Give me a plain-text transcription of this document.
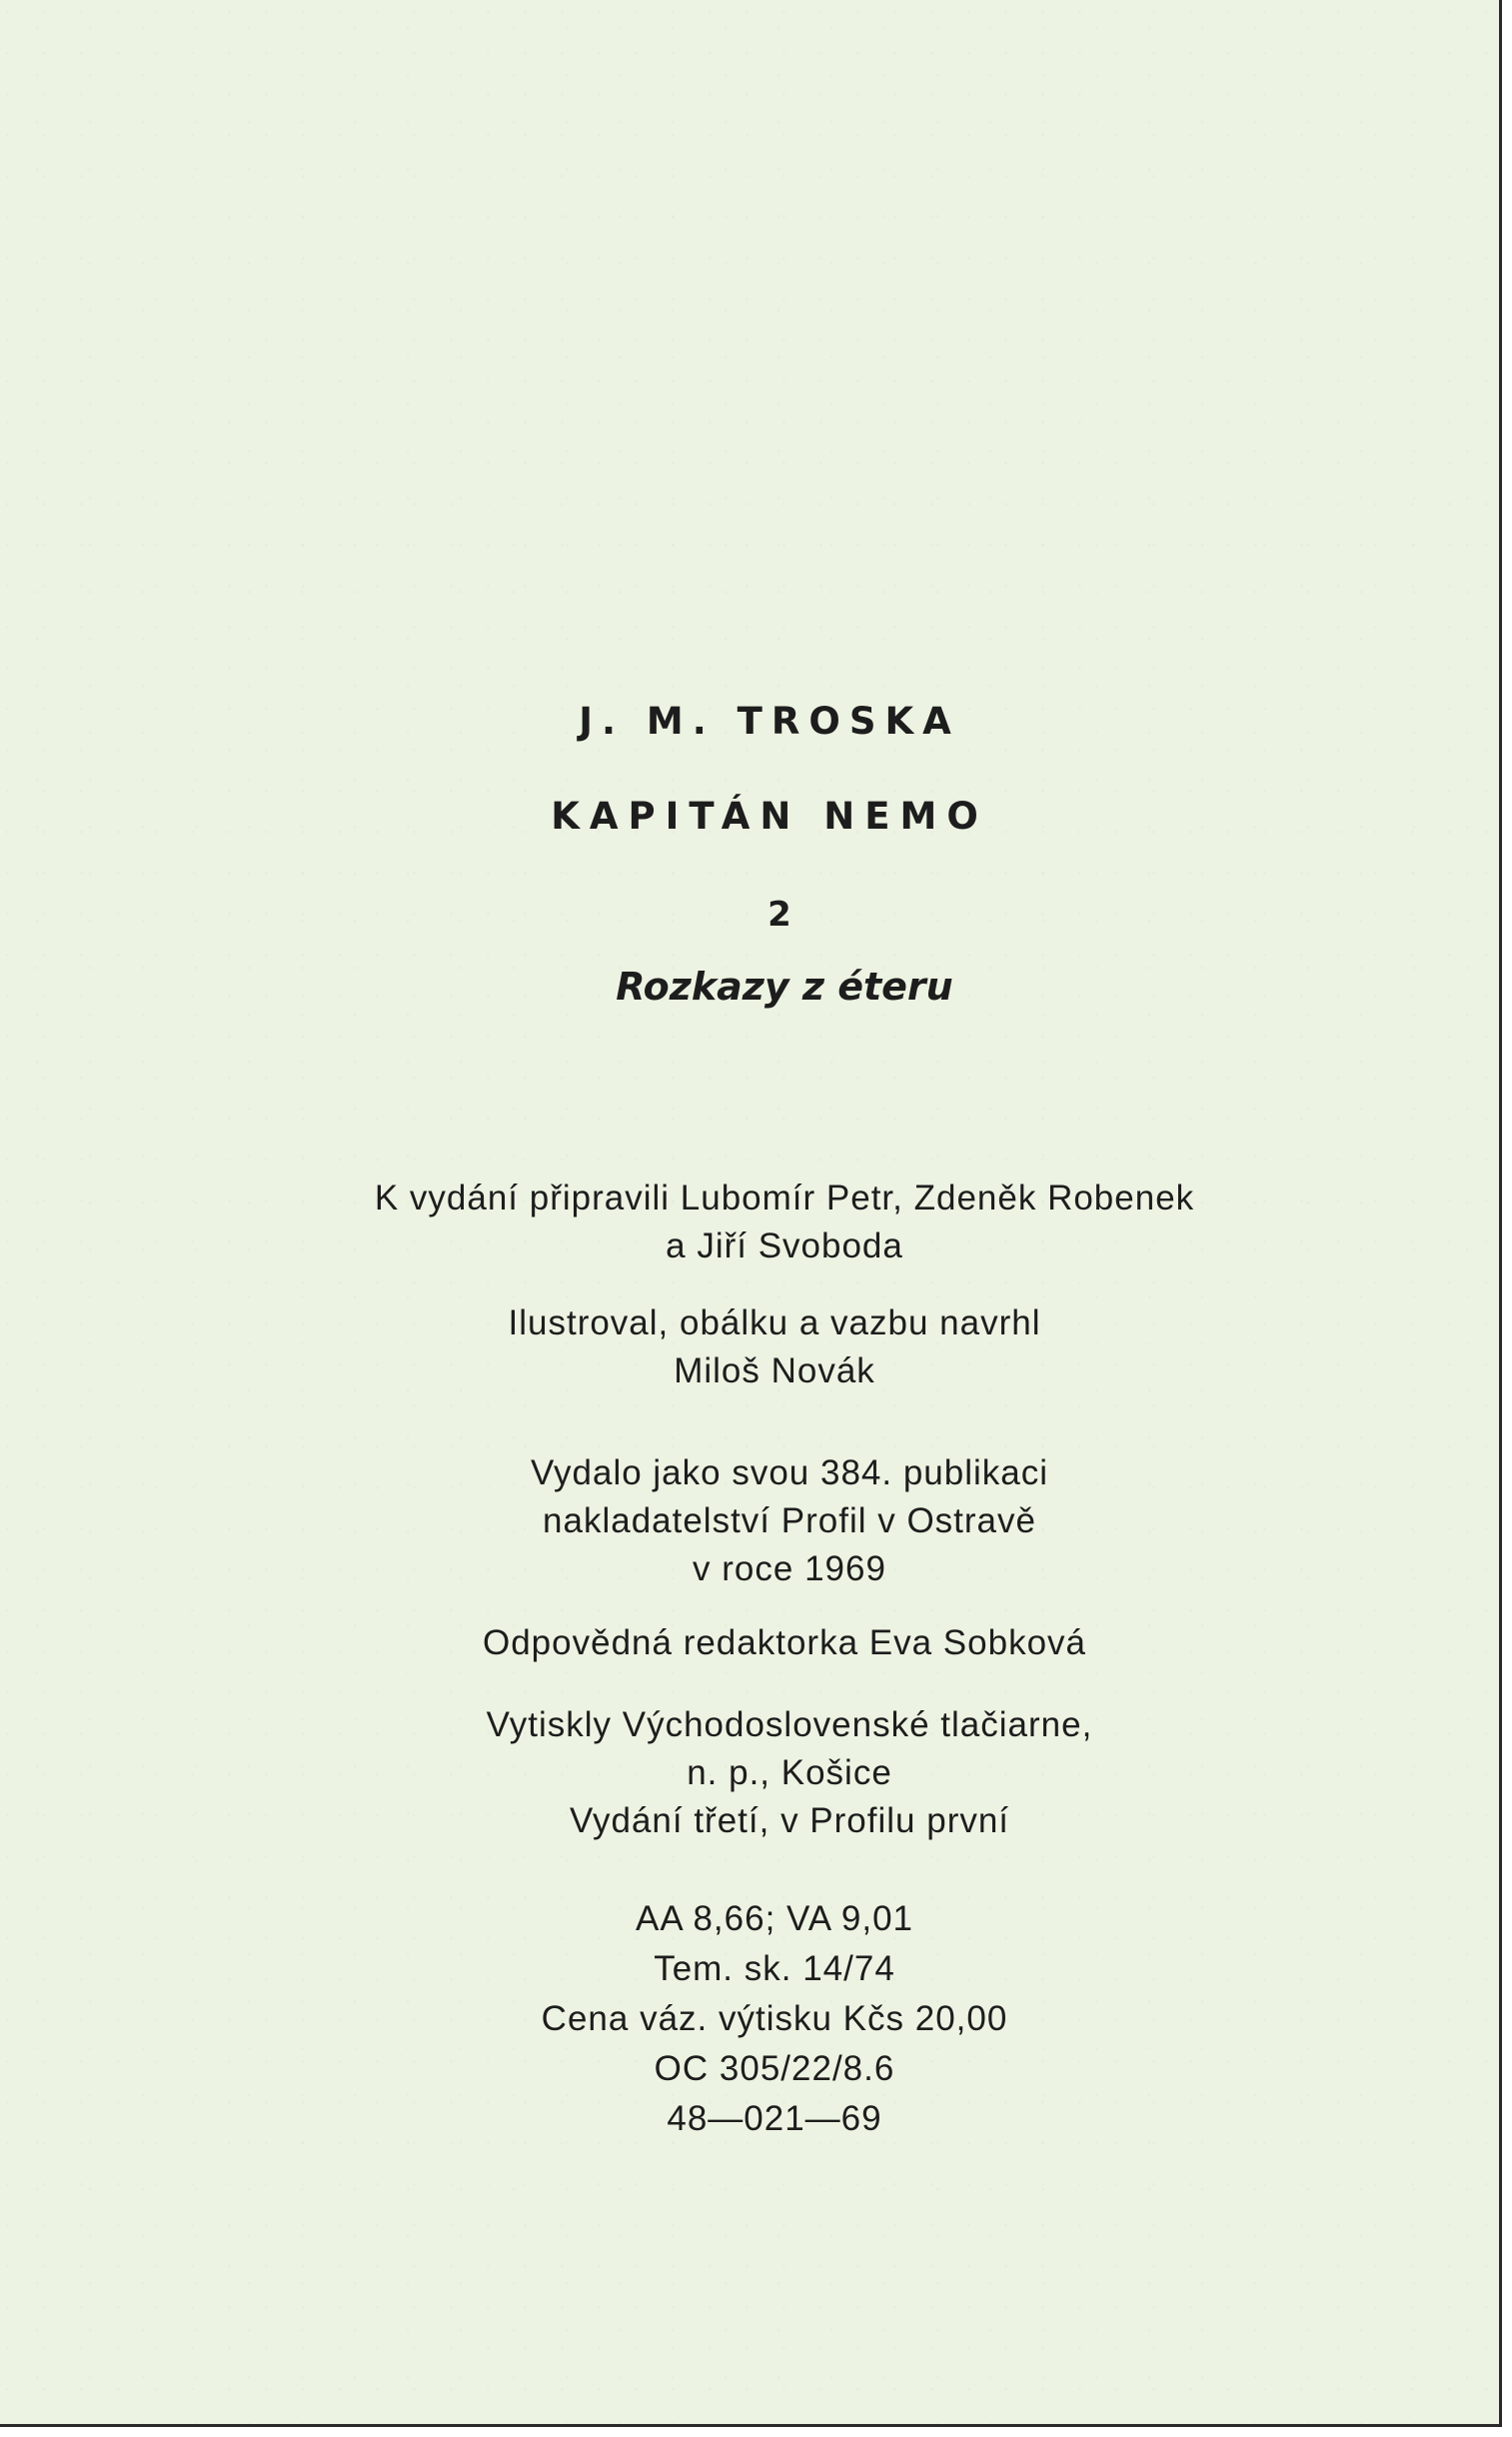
J. M. TROSKA
KAPITÁN NEMO
2
Rozkazy z éteru
K vydání připravili Lubomír Petr, Zdeněk Robenek
a Jiří Svoboda
Ilustroval, obálku a vazbu navrhl
Miloš Novák
Vydalo jako svou 384. publikaci
nakladatelství Profil v Ostravě
v roce 1969
Odpovědná redaktorka Eva Sobková
Vytiskly Východoslovenské tlačiarne,
n. p., Košice
Vydání třetí, v Profilu první
AA 8,66; VA 9,01
Tem. sk. 14/74
Cena váz. výtisku Kčs 20,00
OC 305/22/8.6
48—021—69
